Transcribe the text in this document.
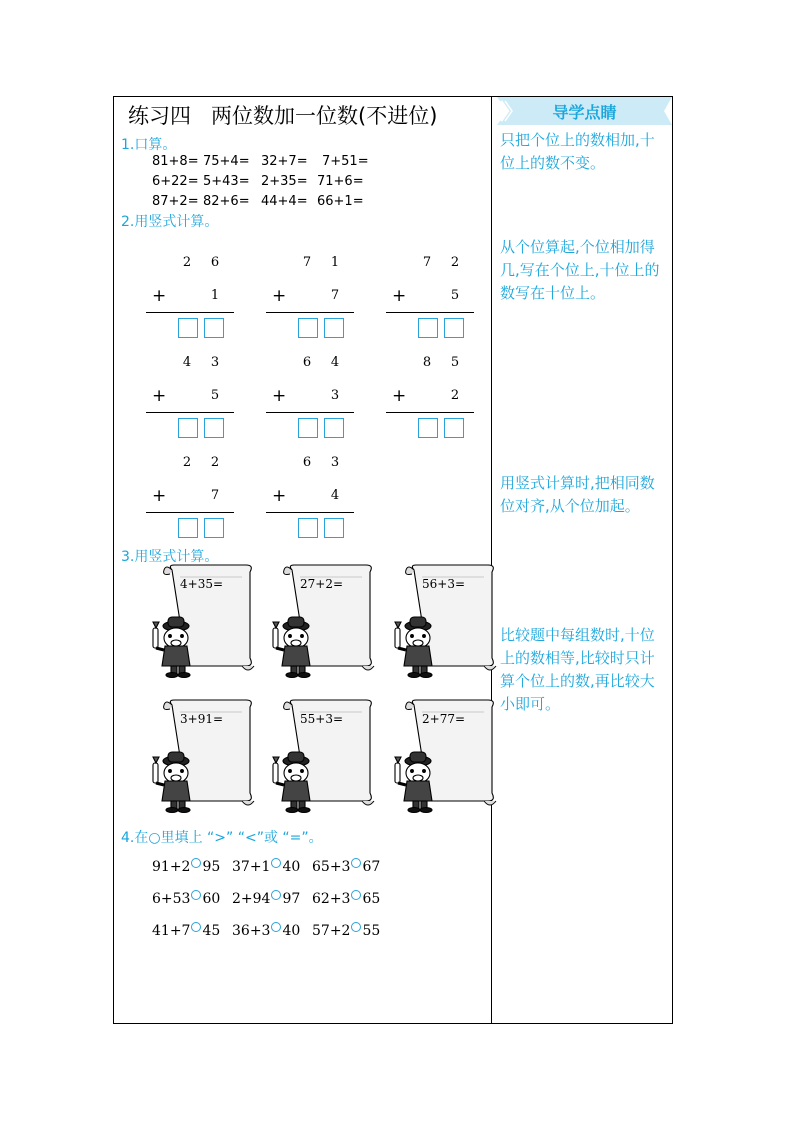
练习四 两位数加一位数(不进位)	导学点睛
1.口算。
81+8= 75+4= 32+7= 7+51=
6+22= 5+43= 2+35= 71+6=
87+2= 82+6= 44+4= 66+1=
2.用竖式计算。
2 6
+	1
7 1
+	7
7 2
+	5
4 3
+	5
6 4
+	3
8 5
+	2
2 2
+	7
6 3
+	4
3.用竖式计算。
4+35=	27+2=	56+3=
3+91=	55+3=	2+77=
4.在○里填上 “>” “<”或 “=”。
91+2 95 37+1 40 65+3 67
6+53 60 2+94 97 62+3 65
41+7 45 36+3 40 57+2 55
只把个位上的数相加,十位上的数不变。
从个位算起,个位相加得几,写在个位上,十位上的数写在十位上。
用竖式计算时,把相同数位对齐,从个位加起。
比较题中每组数时,十位上的数相等,比较时只计算个位上的数,再比较大小即可。
